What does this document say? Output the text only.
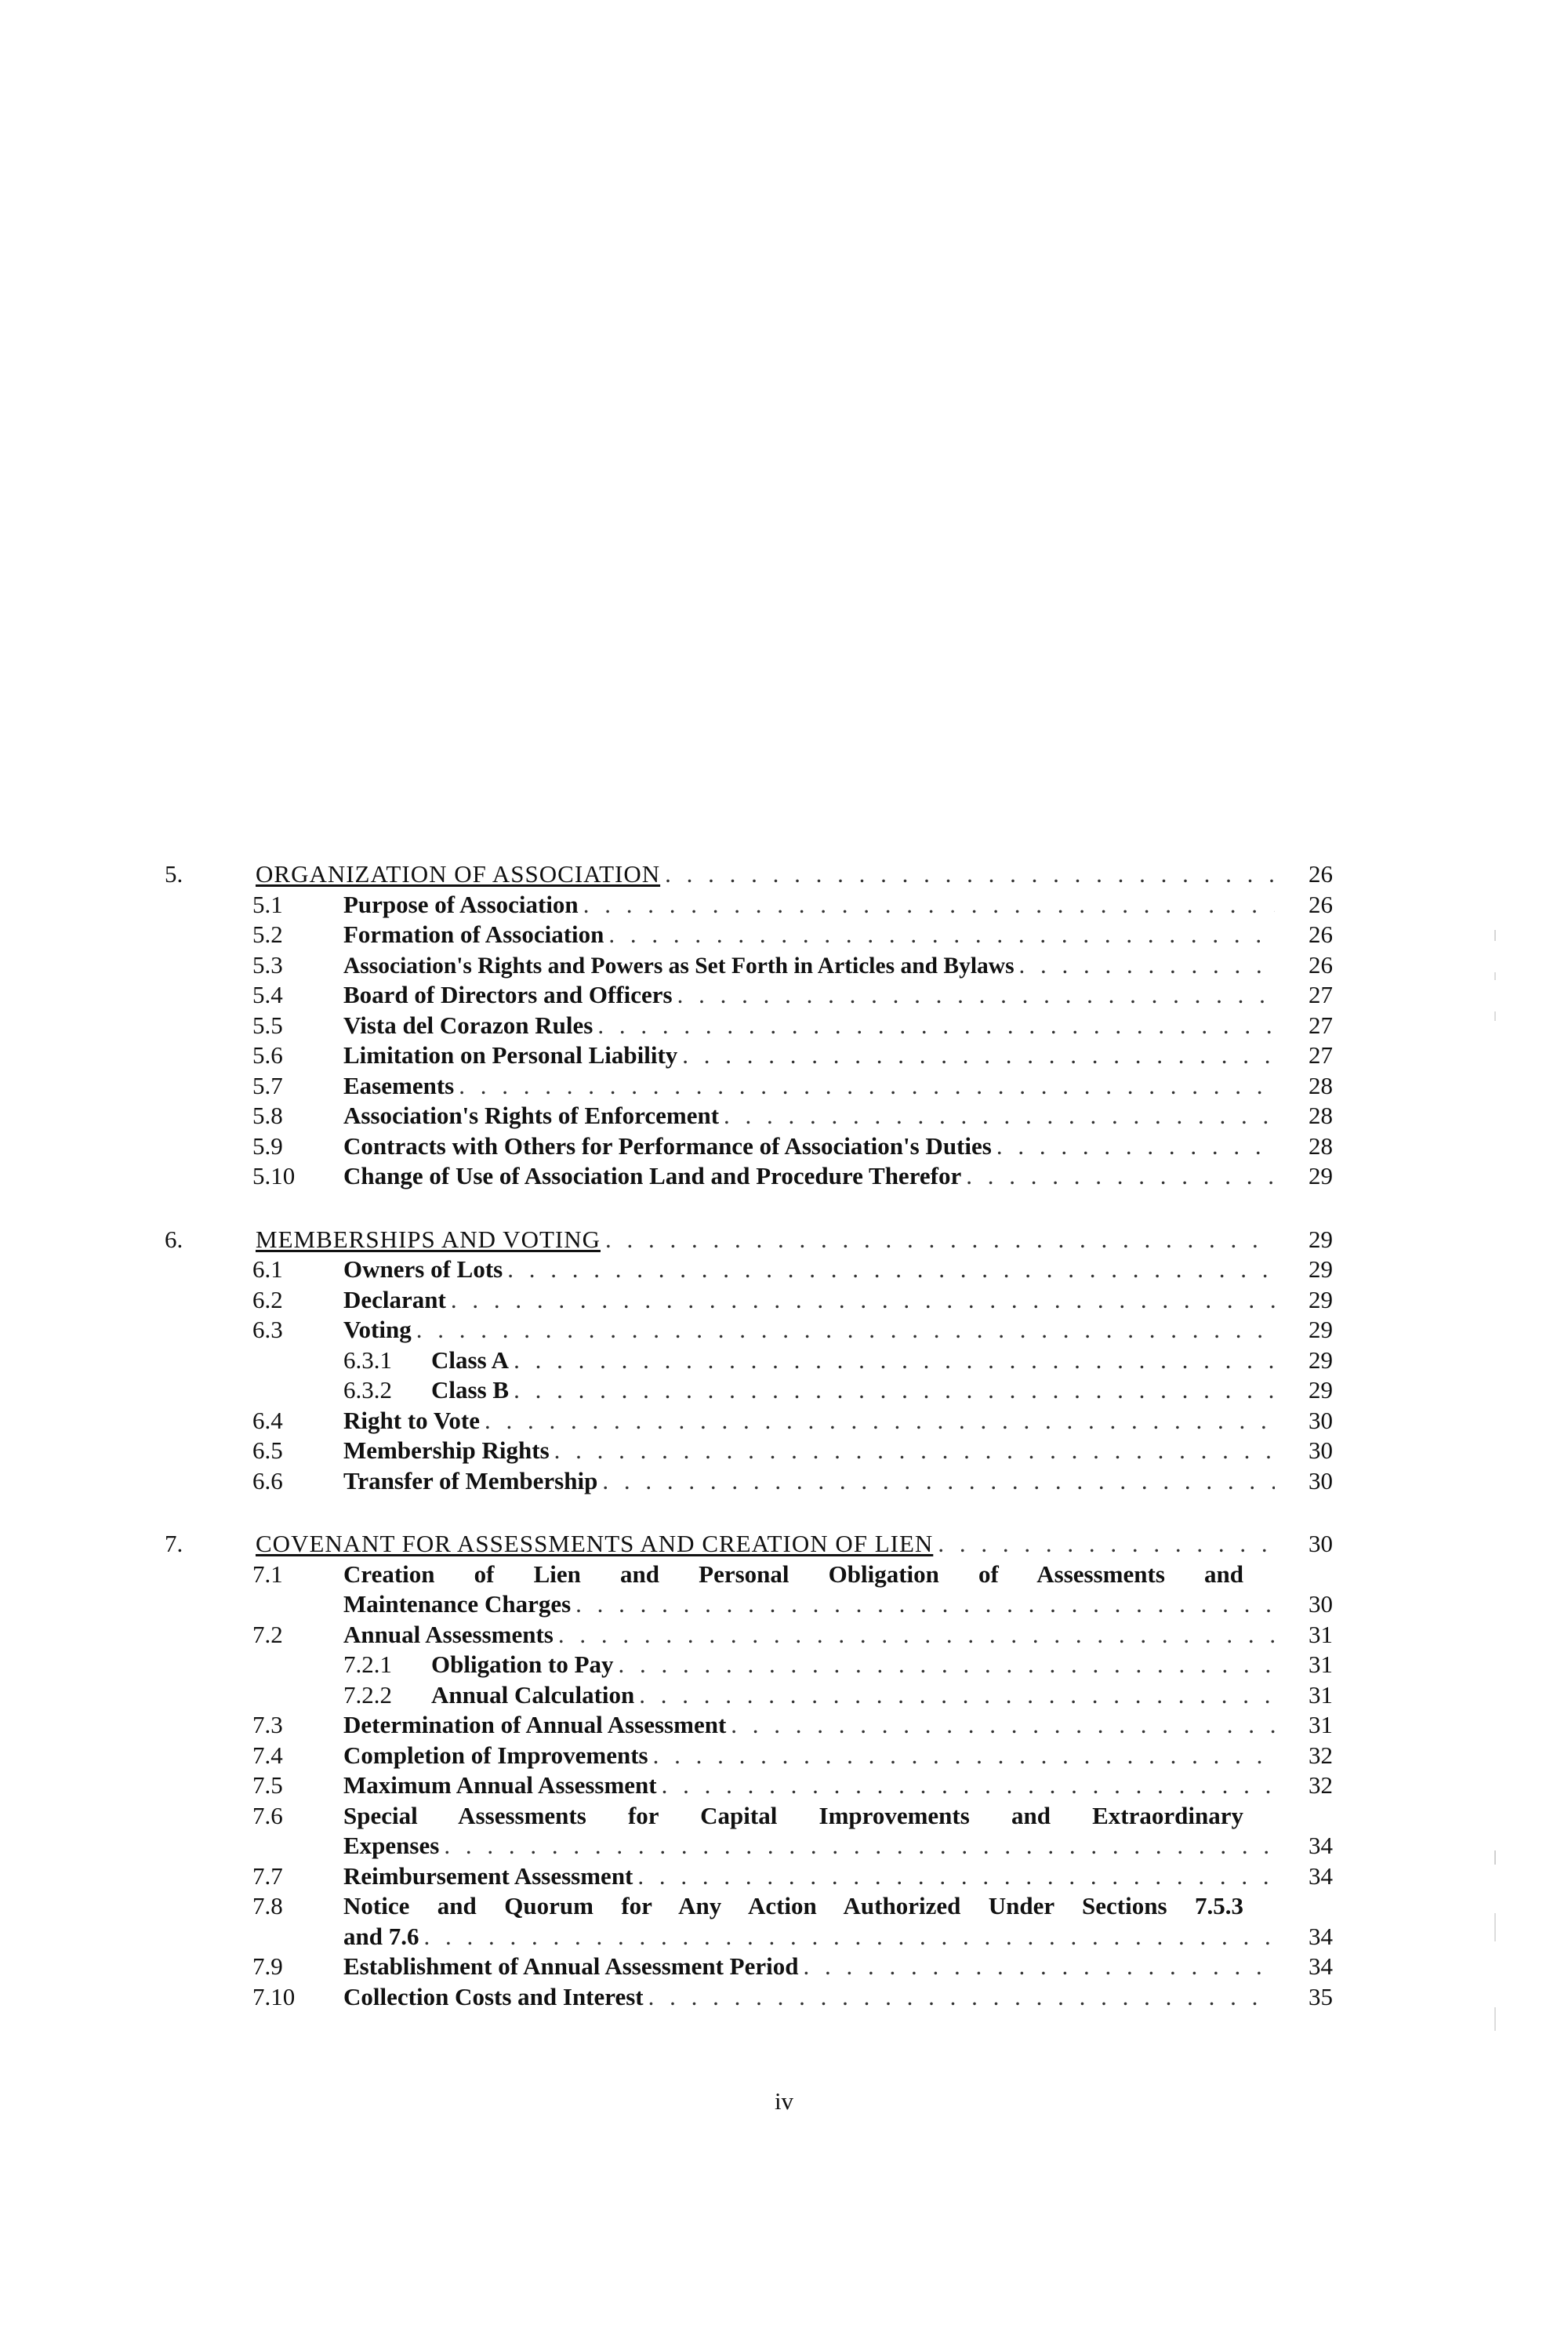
5.	ORGANIZATION OF ASSOCIATION . . .	26
5.1 Purpose of Association . . .	26
5.2 Formation of Association . . .	26
5.3	Association's Rights and Powers as Set Forth in Articles and Bylaws . . .	26
5.4 Board of Directors and Officers . . .	27
5.5 Vista del Corazon Rules . . .	27
5.6 Limitation on Personal Liability . . .	27
5.7 Easements . . .	28
5.8 Association's Rights of Enforcement . . .	28
5.9 Contracts with Others for Performance of Association's Duties . . .	28
5.10 Change of Use of Association Land and Procedure Therefor . . .	29
6.	MEMBERSHIPS AND VOTING . . .	29
6.1 Owners of Lots . . .	29
6.2 Declarant . . .	29
6.3 Voting . . .	29
6.3.1 Class A . . .	29
6.3.2 Class B . . .	29
6.4 Right to Vote . . .	30
6.5 Membership Rights . . .	30
6.6 Transfer of Membership . . .	30
7.	COVENANT FOR ASSESSMENTS AND CREATION OF LIEN . . .	30
7.1 Creation of Lien and Personal Obligation of Assessments and
Maintenance Charges . . .	30
7.2 Annual Assessments . . .	31
7.2.1 Obligation to Pay . . .	31
7.2.2 Annual Calculation . . .	31
7.3 Determination of Annual Assessment . . .	31
7.4 Completion of Improvements . . .	32
7.5 Maximum Annual Assessment . . .	32
7.6 Special Assessments for Capital Improvements and Extraordinary
Expenses . . .	34
7.7 Reimbursement Assessment . . .	34
7.8 Notice and Quorum for Any Action Authorized Under Sections 7.5.3
and 7.6 . . .	34
7.9 Establishment of Annual Assessment Period . . .	34
7.10 Collection Costs and Interest . . .	35
iv
